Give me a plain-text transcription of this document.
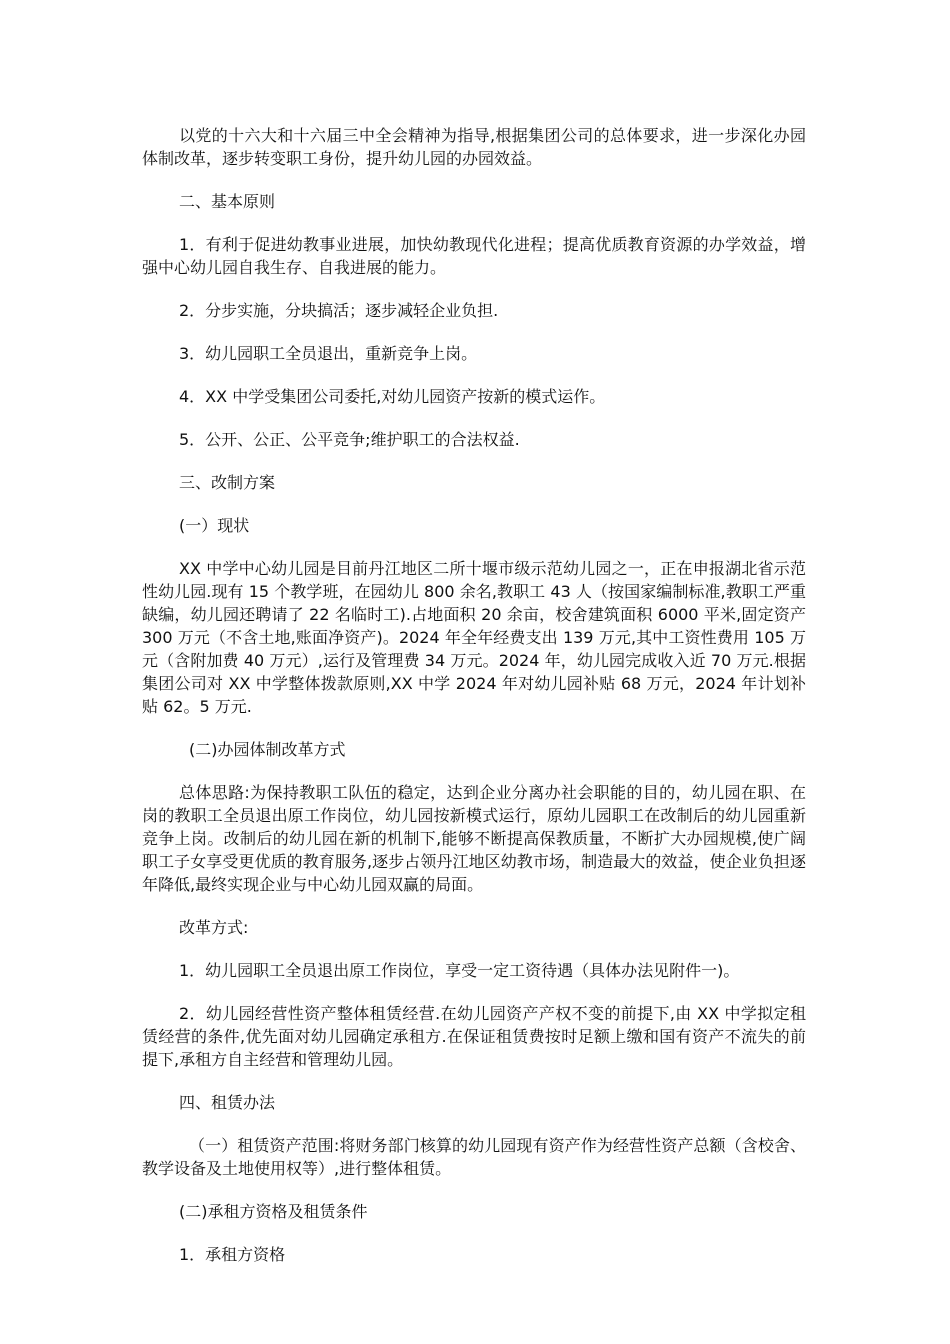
以党的十六大和十六届三中全会精神为指导,根据集团公司的总体要求，进一步深化办园体制改革，逐步转变职工身份，提升幼儿园的办园效益。

二、基本原则

1．有利于促进幼教事业进展，加快幼教现代化进程；提高优质教育资源的办学效益，增强中心幼儿园自我生存、自我进展的能力。

2．分步实施，分块搞活；逐步减轻企业负担.

3．幼儿园职工全员退出，重新竞争上岗。

4．XX 中学受集团公司委托,对幼儿园资产按新的模式运作。

5．公开、公正、公平竞争;维护职工的合法权益.

三、改制方案

(一）现状

XX 中学中心幼儿园是目前丹江地区二所十堰市级示范幼儿园之一，正在申报湖北省示范性幼儿园.现有 15 个教学班，在园幼儿 800 余名,教职工 43 人（按国家编制标准,教职工严重缺编，幼儿园还聘请了 22 名临时工).占地面积 20 余亩，校舍建筑面积 6000 平米,固定资产 300 万元（不含土地,账面净资产)。2024 年全年经费支出 139 万元,其中工资性费用 105 万元（含附加费 40 万元）,运行及管理费 34 万元。2024 年，幼儿园完成收入近 70 万元.根据集团公司对 XX 中学整体拨款原则,XX 中学 2024 年对幼儿园补贴 68 万元，2024 年计划补贴 62。5 万元.

(二)办园体制改革方式

总体思路:为保持教职工队伍的稳定，达到企业分离办社会职能的目的，幼儿园在职、在岗的教职工全员退出原工作岗位，幼儿园按新模式运行，原幼儿园职工在改制后的幼儿园重新竞争上岗。改制后的幼儿园在新的机制下,能够不断提高保教质量，不断扩大办园规模,使广阔职工子女享受更优质的教育服务,逐步占领丹江地区幼教市场，制造最大的效益，使企业负担逐年降低,最终实现企业与中心幼儿园双赢的局面。

改革方式:

1．幼儿园职工全员退出原工作岗位，享受一定工资待遇（具体办法见附件一)。

2．幼儿园经营性资产整体租赁经营.在幼儿园资产产权不变的前提下,由 XX 中学拟定租赁经营的条件,优先面对幼儿园确定承租方.在保证租赁费按时足额上缴和国有资产不流失的前提下,承租方自主经营和管理幼儿园。

四、租赁办法

（一）租赁资产范围:将财务部门核算的幼儿园现有资产作为经营性资产总额（含校舍、教学设备及土地使用权等）,进行整体租赁。

(二)承租方资格及租赁条件

1．承租方资格
